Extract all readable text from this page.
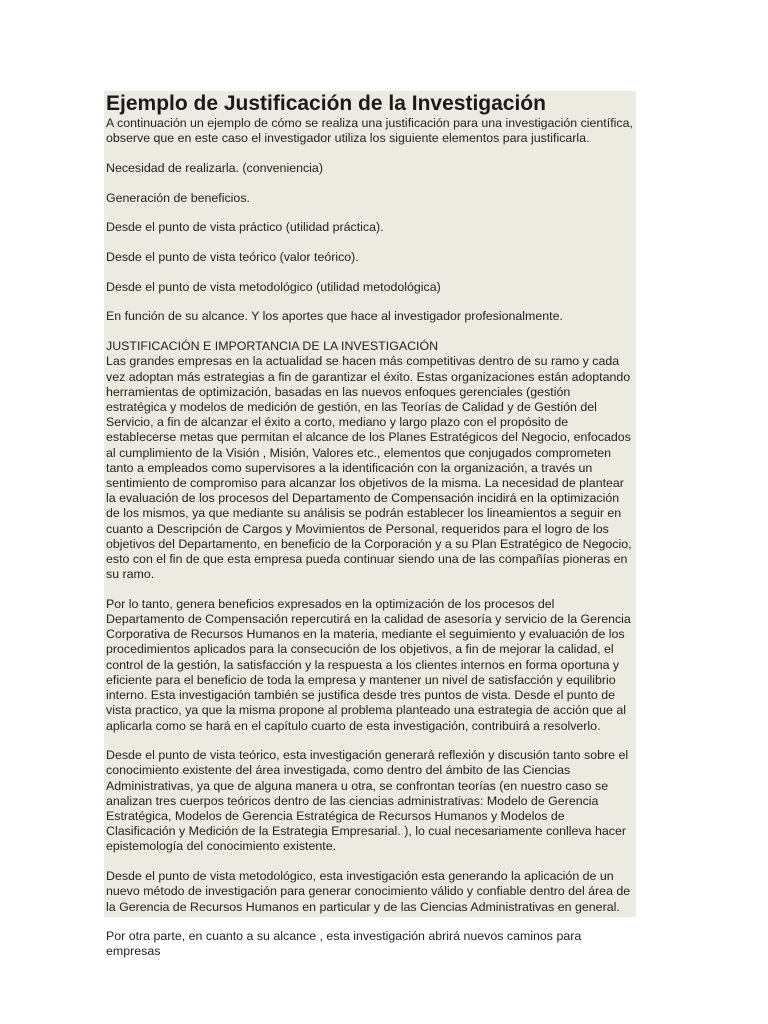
Ejemplo de Justificación de la Investigación
A continuación un ejemplo de cómo se realiza una justificación para una investigación científica, observe que en este caso el investigador utiliza los siguiente elementos para justificarla.
Necesidad de realizarla. (conveniencia)
Generación de beneficios.
Desde el punto de vista práctico (utilidad práctica).
Desde el punto de vista teórico (valor teórico).
Desde el punto de vista metodológico (utilidad metodológica)
En función de su alcance. Y los aportes que hace al investigador profesionalmente.
JUSTIFICACIÓN E IMPORTANCIA DE LA INVESTIGACIÓN
Las grandes empresas en la actualidad se hacen más competitivas dentro de su ramo y cada vez adoptan más estrategias a fin de garantizar el éxito. Estas organizaciones están adoptando herramientas de optimización, basadas en las nuevos enfoques gerenciales (gestión estratégica y modelos de medición de gestión, en las Teorías de Calidad y de Gestión del Servicio, a fin de alcanzar el éxito a corto, mediano y largo plazo con el propósito de establecerse metas que permitan el alcance de los Planes Estratégicos del Negocio, enfocados al cumplimiento de la Visión , Misión, Valores etc., elementos que conjugados comprometen tanto a empleados como supervisores a la identificación con la organización, a través un sentimiento de compromiso para alcanzar los objetivos de la misma. La necesidad de plantear la evaluación de los procesos del Departamento de Compensación incidirá en la optimización de los mismos, ya que mediante su análisis se podrán establecer los lineamientos a seguir en cuanto a Descripción de Cargos y Movimientos de Personal, requeridos para el logro de los objetivos del Departamento, en beneficio de la Corporación y a su Plan Estratégico de Negocio, esto con el fin de que esta empresa pueda continuar siendo una de las compañías pioneras en su ramo.
Por lo tanto, genera beneficios expresados en la optimización de los procesos del Departamento de Compensación repercutirá en la calidad de asesoría y servicio de la Gerencia Corporativa de Recursos Humanos en la materia, mediante el seguimiento y evaluación de los procedimientos aplicados para la consecución de los objetivos, a fin de mejorar la calidad, el control de la gestión, la satisfacción y la respuesta a los clientes internos en forma oportuna y eficiente para el beneficio de toda la empresa y mantener un nivel de satisfacción y equilibrio interno. Esta investigación también se justifica desde tres puntos de vista. Desde el punto de vista practico, ya que la misma propone al problema planteado una estrategia de acción que al aplicarla como se hará en el capítulo cuarto de esta investigación, contribuirá a resolverlo.
Desde el punto de vista teórico, esta investigación generará reflexión y discusión tanto sobre el conocimiento existente del área investigada, como dentro del ámbito de las Ciencias Administrativas, ya que de alguna manera u otra, se confrontan teorías (en nuestro caso se analizan tres cuerpos teóricos dentro de las ciencias administrativas: Modelo de Gerencia Estratégica, Modelos de Gerencia Estratégica de Recursos Humanos y Modelos de Clasificación y Medición de la Estrategia Empresarial. ), lo cual necesariamente conlleva hacer epistemología del conocimiento existente.
Desde el punto de vista metodológico, esta investigación esta generando la aplicación de un nuevo método de investigación para generar conocimiento válido y confiable dentro del área de la Gerencia de Recursos Humanos en particular y de las Ciencias Administrativas en general.
Por otra parte, en cuanto a su alcance , esta investigación abrirá nuevos caminos para empresas
